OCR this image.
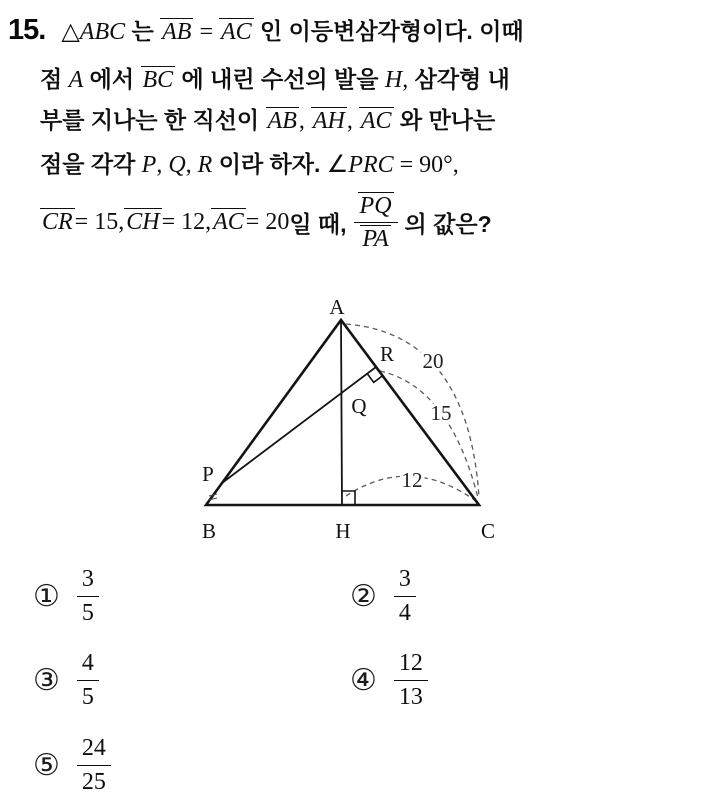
15. △ABC 는 AB = AC 인 이등변삼각형이다. 이때
점 A 에서 BC 에 내린 수선의 발을 H, 삼각형 내
부를 지나는 한 직선이 AB, AH, AC 와 만나는
점을 각각 P, Q, R 이라 하자. ∠PRC = 90°,
CR = 15, CH = 12, AC = 20 일 때, $\frac{PQ}{PA}$ 의 값은?
A
B	C
H
P
Q
R 20
15
12
① $\frac{3}{5}$	② $\frac{3}{4}$
③ $\frac{4}{5}$	④ $\frac{12}{13}$
⑤ $\frac{24}{25}$
